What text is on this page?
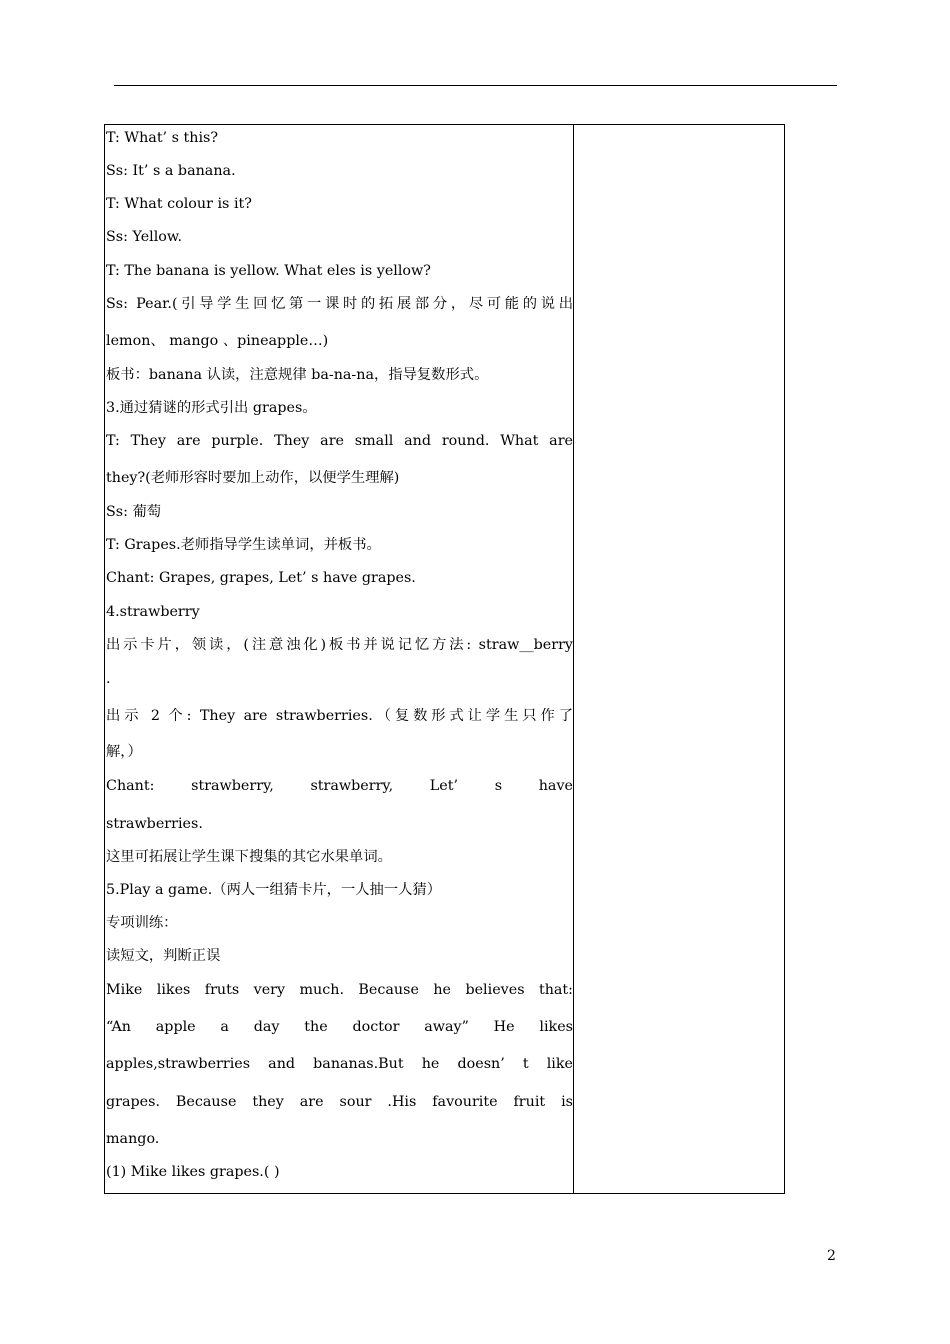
T: What’ s this?
Ss: It’ s a banana.
T: What colour is it?
Ss: Yellow.
T: The banana is yellow. What eles is yellow?
Ss: Pear.(引导学生回忆第一课时的拓展部分，尽可能的说出
lemon、 mango 、pineapple…)
板书：banana 认读，注意规律 ba-na-na，指导复数形式。
3.通过猜谜的形式引出 grapes。
T: They are purple. They are small and round. What are
they?(老师形容时要加上动作，以便学生理解)
Ss: 葡萄
T: Grapes.老师指导学生读单词，并板书。
Chant: Grapes, grapes, Let’ s have grapes.
4.strawberry
出示卡片，领读，(注意浊化)板书并说记忆方法: straw__berry
.
出示 2 个: They are strawberries.（复数形式让学生只作了
解，）
Chant: strawberry, strawberry, Let’ s have
strawberries.
这里可拓展让学生课下搜集的其它水果单词。
5.Play a game.（两人一组猜卡片，一人抽一人猜）
专项训练：
读短文，判断正误
Mike likes fruts very much. Because he believes that:
“An apple a day the doctor away” He likes
apples,strawberries and bananas.But he doesn’ t like
grapes. Because they are sour .His favourite fruit is
mango.
(1) Mike likes grapes.( )
2
